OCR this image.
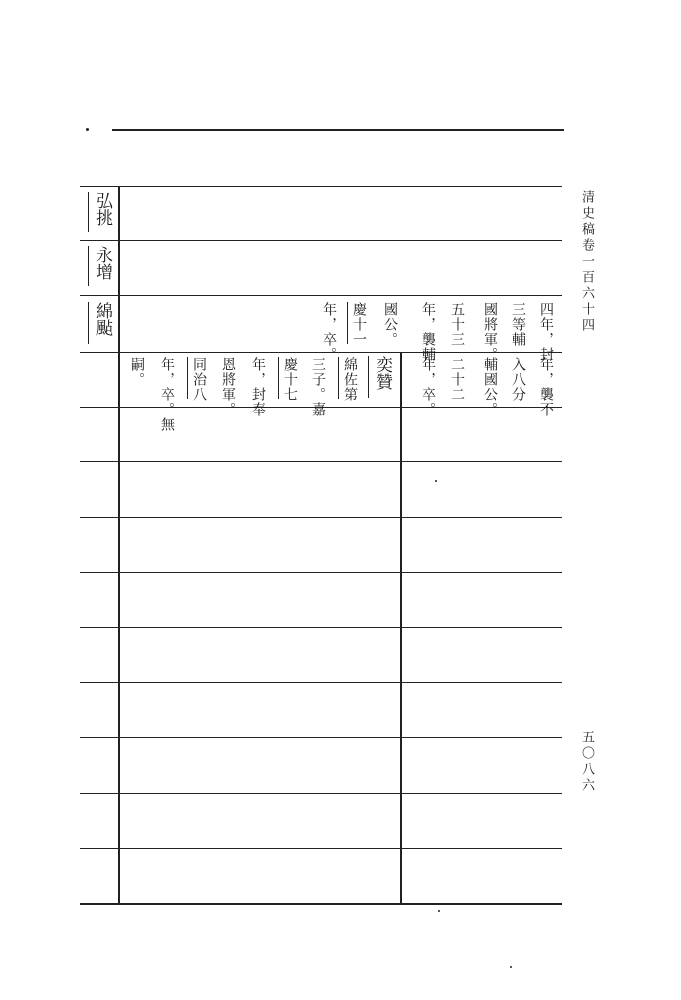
弘挑
永增
綿颭
奕贊
四年，封
三等輔
國將軍。
五十三
年，襲輔
國公。
慶十一
年，卒。
年，襲不
入八分
輔國公。
二十二
年，卒。
綿佐第
三子。嘉
慶十七
年，封奉
恩將軍。
同治八
年，卒。無
嗣。
清史稿卷一百六十四
五〇八六
